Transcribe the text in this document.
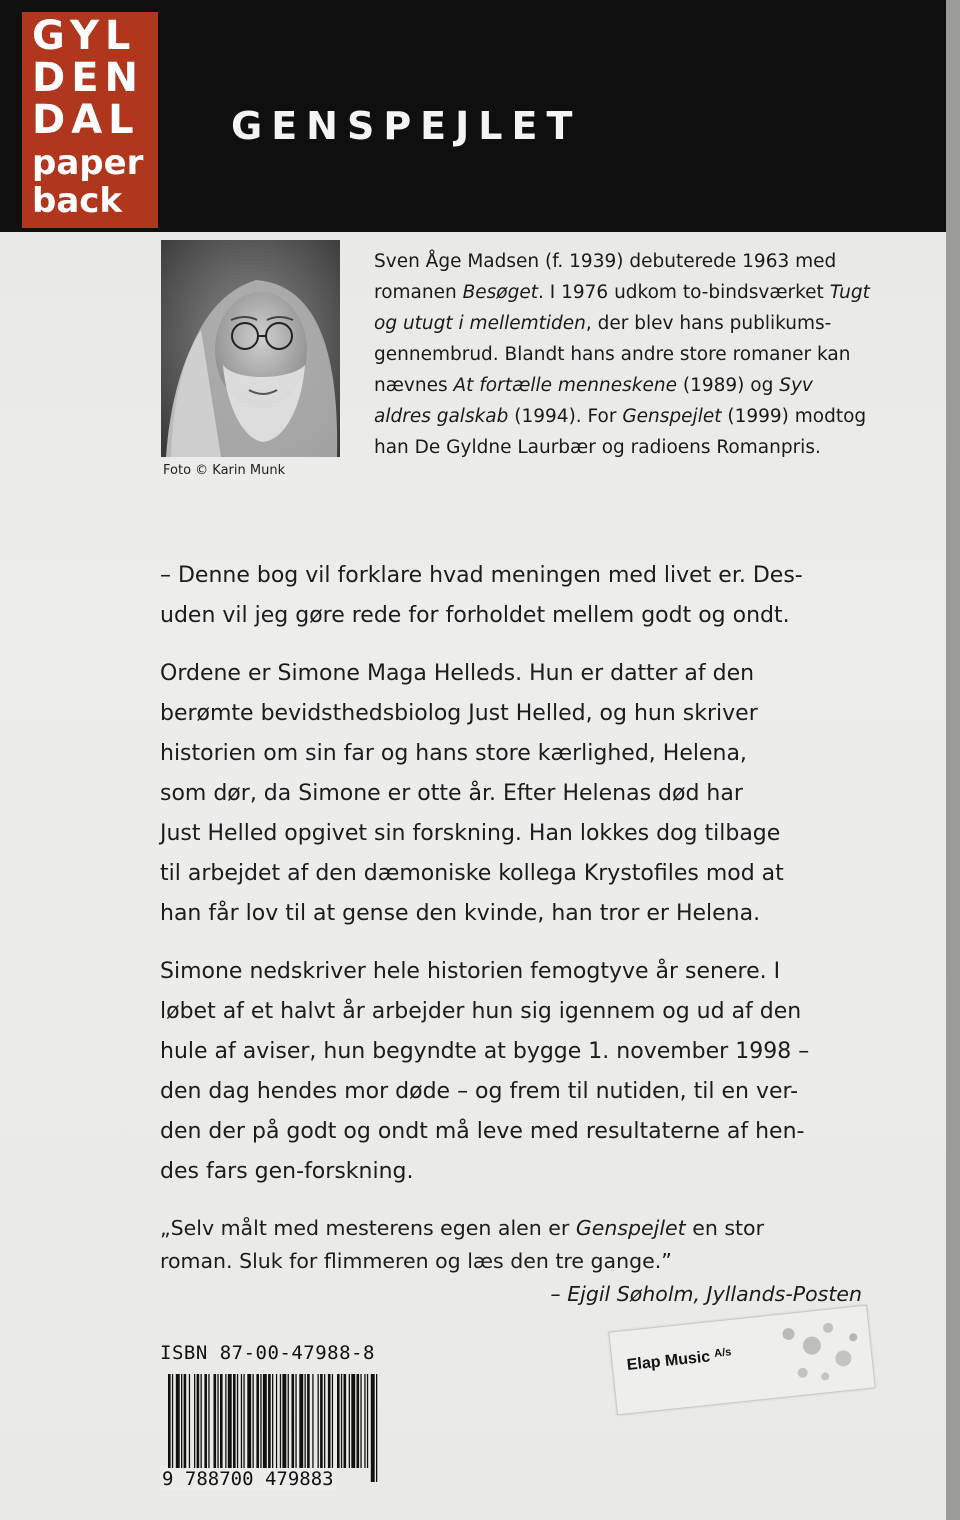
GYL
DEN
DAL
paper
back
GENSPEJLET
Foto © Karin Munk
Sven Åge Madsen (f. 1939) debuterede 1963 med romanen Besøget. I 1976 udkom to-bindsværket Tugt og utugt i mellemtiden, der blev hans publikumsgennembrud. Blandt hans andre store romaner kan nævnes At fortælle menneskene (1989) og Syv aldres galskab (1994). For Genspejlet (1999) modtog han De Gyldne Laurbær og radioens Romanpris.
– Denne bog vil forklare hvad meningen med livet er. Des-
uden vil jeg gøre rede for forholdet mellem godt og ondt.
Ordene er Simone Maga Helleds. Hun er datter af den
berømte bevidsthedsbiolog Just Helled, og hun skriver
historien om sin far og hans store kærlighed, Helena,
som dør, da Simone er otte år. Efter Helenas død har
Just Helled opgivet sin forskning. Han lokkes dog tilbage
til arbejdet af den dæmoniske kollega Krystofiles mod at
han får lov til at gense den kvinde, han tror er Helena.
Simone nedskriver hele historien femogtyve år senere. I
løbet af et halvt år arbejder hun sig igennem og ud af den
hule af aviser, hun begyndte at bygge 1. november 1998 –
den dag hendes mor døde – og frem til nutiden, til en ver-
den der på godt og ondt må leve med resultaterne af hen-
des fars gen-forskning.
„Selv målt med mesterens egen alen er Genspejlet en stor
roman. Sluk for flimmeren og læs den tre gange.”
– Ejgil Søholm, Jyllands-Posten
ISBN 87-00-47988-8
9 788700 479883
Elap Music $^{A/s}$
